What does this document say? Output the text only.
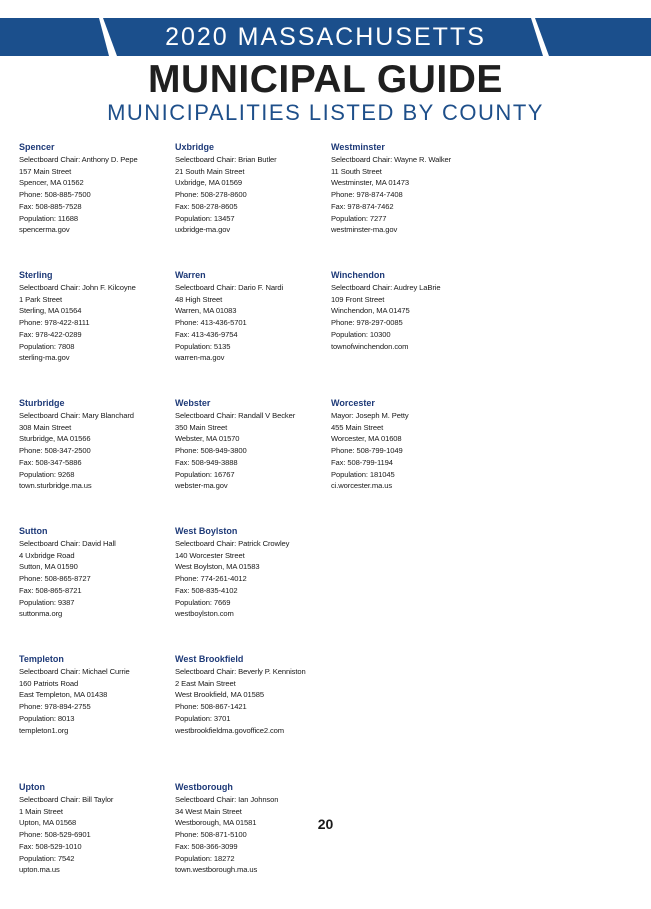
2020 MASSACHUSETTS
MUNICIPAL GUIDE
MUNICIPALITIES LISTED BY COUNTY
Spencer
Selectboard Chair: Anthony D. Pepe
157 Main Street
Spencer, MA 01562
Phone: 508-885-7500
Fax: 508-885-7528
Population: 11688
spencerma.gov
Sterling
Selectboard Chair: John F. Kilcoyne
1 Park Street
Sterling, MA 01564
Phone: 978-422-8111
Fax: 978-422-0289
Population: 7808
sterling-ma.gov
Sturbridge
Selectboard Chair: Mary Blanchard
308 Main Street
Sturbridge, MA 01566
Phone: 508-347-2500
Fax: 508-347-5886
Population: 9268
town.sturbridge.ma.us
Sutton
Selectboard Chair: David Hall
4 Uxbridge Road
Sutton, MA 01590
Phone: 508-865-8727
Fax: 508-865-8721
Population: 9387
suttonma.org
Templeton
Selectboard Chair: Michael Currie
160 Patriots Road
East Templeton, MA 01438
Phone: 978-894-2755
Population: 8013
templeton1.org
Upton
Selectboard Chair: Bill Taylor
1 Main Street
Upton, MA 01568
Phone: 508-529-6901
Fax: 508-529-1010
Population: 7542
upton.ma.us
Uxbridge
Selectboard Chair: Brian Butler
21 South Main Street
Uxbridge, MA 01569
Phone: 508-278-8600
Fax: 508-278-8605
Population: 13457
uxbridge-ma.gov
Warren
Selectboard Chair: Dario F. Nardi
48 High Street
Warren, MA 01083
Phone: 413-436-5701
Fax: 413-436-9754
Population: 5135
warren-ma.gov
Webster
Selectboard Chair: Randall V Becker
350 Main Street
Webster, MA 01570
Phone: 508-949-3800
Fax: 508-949-3888
Population: 16767
webster-ma.gov
West Boylston
Selectboard Chair: Patrick Crowley
140 Worcester Street
West Boylston, MA 01583
Phone: 774-261-4012
Fax: 508-835-4102
Population: 7669
westboylston.com
West Brookfield
Selectboard Chair: Beverly P. Kenniston
2 East Main Street
West Brookfield, MA 01585
Phone: 508-867-1421
Population: 3701
westbrookfieldma.govoffice2.com
Westborough
Selectboard Chair: Ian Johnson
34 West Main Street
Westborough, MA 01581
Phone: 508-871-5100
Fax: 508-366-3099
Population: 18272
town.westborough.ma.us
Westminster
Selectboard Chair: Wayne R. Walker
11 South Street
Westminster, MA 01473
Phone: 978-874-7408
Fax: 978-874-7462
Population: 7277
westminster-ma.gov
Winchendon
Selectboard Chair: Audrey LaBrie
109 Front Street
Winchendon, MA 01475
Phone: 978-297-0085
Population: 10300
townofwinchendon.com
Worcester
Mayor: Joseph M. Petty
455 Main Street
Worcester, MA 01608
Phone: 508-799-1049
Fax: 508-799-1194
Population: 181045
ci.worcester.ma.us
20
